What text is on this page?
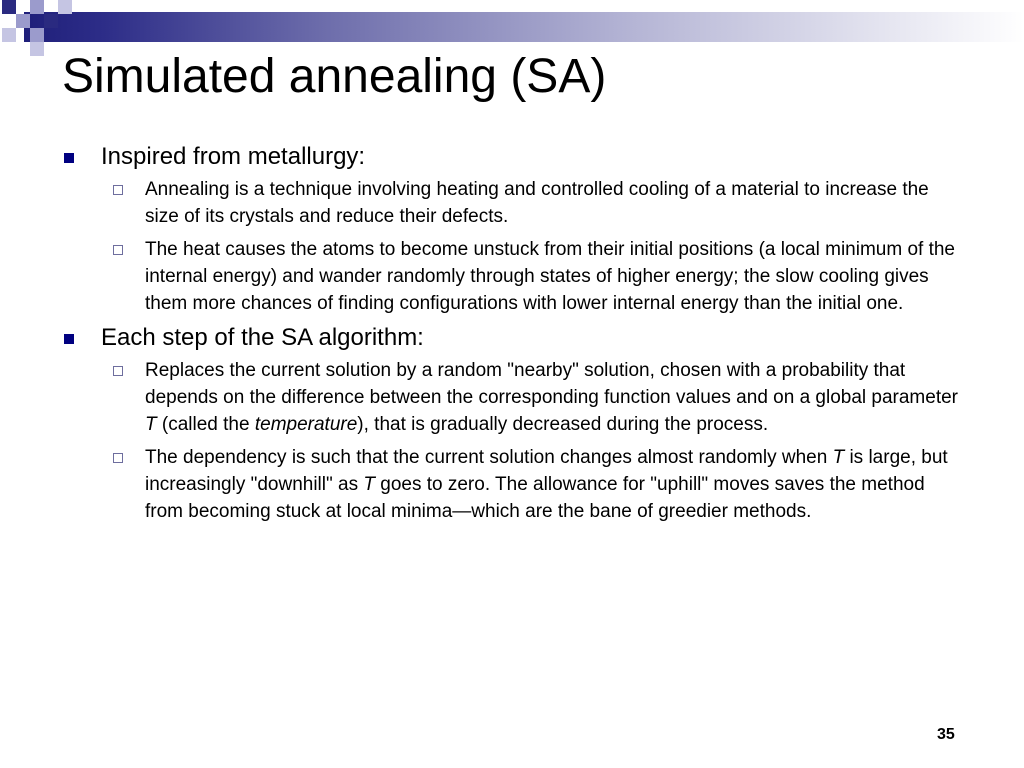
Simulated annealing (SA)
Inspired from metallurgy:
Annealing is a technique involving heating and controlled cooling of a material to increase the size of its crystals and reduce their defects.
The heat causes the atoms to become unstuck from their initial positions (a local minimum of the internal energy) and wander randomly through states of higher energy; the slow cooling gives them more chances of finding configurations with lower internal energy than the initial one.
Each step of the SA algorithm:
Replaces the current solution by a random "nearby" solution, chosen with a probability that depends on the difference between the corresponding function values and on a global parameter T (called the temperature), that is gradually decreased during the process.
The dependency is such that the current solution changes almost randomly when T is large, but increasingly "downhill" as T goes to zero. The allowance for "uphill" moves saves the method from becoming stuck at local minima—which are the bane of greedier methods.
35
